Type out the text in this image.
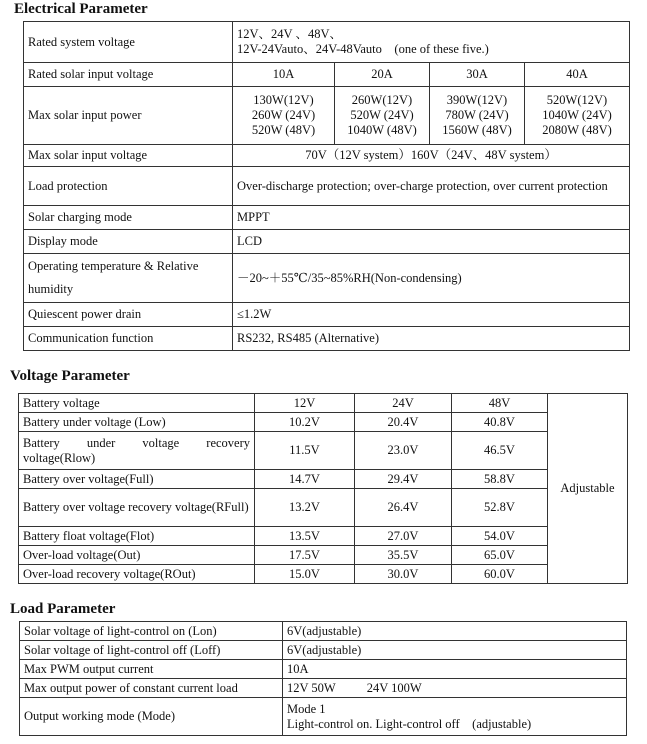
Electrical Parameter
Rated system voltage	12V、24V 、48V、
12V-24Vauto、24V-48Vauto    (one of these five.)			

Rated solar input voltage	10A	20A	30A	40A
Max solar input power	130W(12V)
260W (24V)
520W (48V)	260W(12V)
520W (24V)
1040W (48V)	390W(12V)
780W (24V)
1560W (48V)	520W(12V)
1040W (24V)
2080W (48V)

Max solar input voltage	70V（12V system）160V（24V、48V system）			
Load protection	Over-discharge protection; over-charge protection, over current protection			
Solar charging mode	MPPT			
Display mode	LCD			
Operating temperature & Relative humidity	－20~＋55℃/35~85%RH(Non-condensing)			
Quiescent power drain	≤1.2W			
Communication function	RS232, RS485 (Alternative)			
Voltage Parameter
Battery voltage	12V	24V	48V	Adjustable
Battery under voltage (Low)	10.2V	20.4V	40.8V	
Battery under voltage recovery voltage(Rlow)	11.5V	23.0V	46.5V	
Battery over voltage(Full)	14.7V	29.4V	58.8V	
Battery over voltage recovery voltage(RFull)	13.2V	26.4V	52.8V	
Battery float voltage(Flot)	13.5V	27.0V	54.0V	
Over-load voltage(Out)	17.5V	35.5V	65.0V	
Over-load recovery voltage(ROut)	15.0V	30.0V	60.0V	
Load Parameter
Solar voltage of light-control on (Lon)	6V(adjustable)
Solar voltage of light-control off (Loff)	6V(adjustable)
Max PWM output current	10A
Max output power of constant current load	12V 50W          24V 100W
Output working mode (Mode)	Mode 1
Light-control on. Light-control off    (adjustable)
